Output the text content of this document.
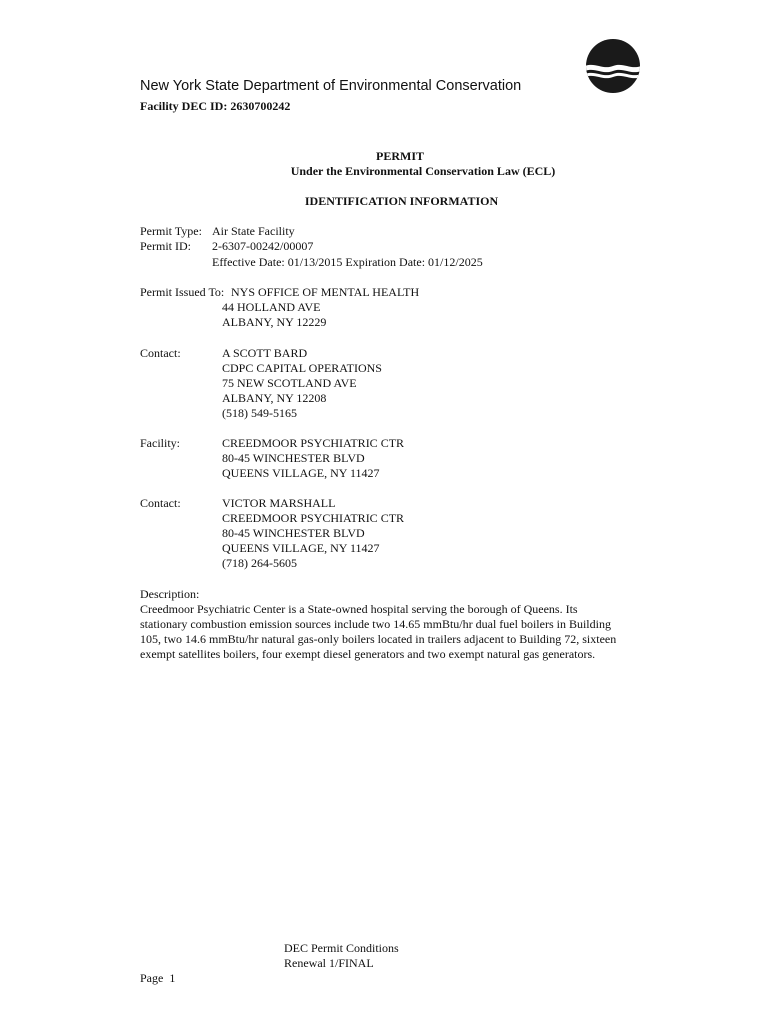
New York State Department of Environmental Conservation
Facility DEC ID: 2630700242
PERMIT
Under the Environmental Conservation Law (ECL)
IDENTIFICATION INFORMATION
Permit Type: Air State Facility
Permit ID: 2-6307-00242/00007
Effective Date: 01/13/2015 Expiration Date: 01/12/2025
Permit Issued To: NYS OFFICE OF MENTAL HEALTH
44 HOLLAND AVE
ALBANY, NY 12229
Contact:	A SCOTT BARD
CDPC CAPITAL OPERATIONS
75 NEW SCOTLAND AVE
ALBANY, NY 12208
(518) 549-5165
Facility:	CREEDMOOR PSYCHIATRIC CTR
80-45 WINCHESTER BLVD
QUEENS VILLAGE, NY 11427
Contact:	VICTOR MARSHALL
CREEDMOOR PSYCHIATRIC CTR
80-45 WINCHESTER BLVD
QUEENS VILLAGE, NY 11427
(718) 264-5605
Description:
Creedmoor Psychiatric Center is a State-owned hospital serving the borough of Queens. Its stationary combustion emission sources include two 14.65 mmBtu/hr dual fuel boilers in Building 105, two 14.6 mmBtu/hr natural gas-only boilers located in trailers adjacent to Building 72, sixteen exempt satellites boilers, four exempt diesel generators and two exempt natural gas generators.
DEC Permit Conditions
Renewal 1/FINAL
Page  1
